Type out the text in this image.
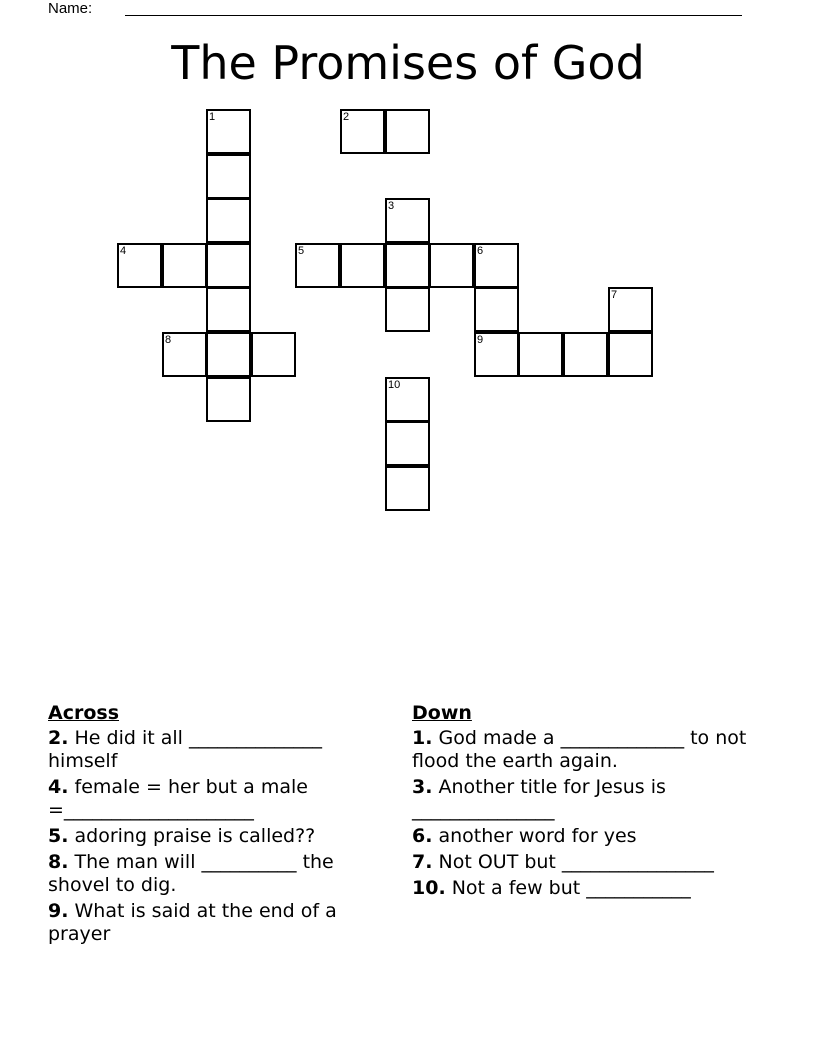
Name:
The Promises of God
1	2
3
4	5	6
7
8	9
10
Across
2. He did it all ______________ himself
4. female = her but a male =____________________
5. adoring praise is called??
8. The man will __________ the shovel to dig.
9. What is said at the end of a prayer
Down
1. God made a _____________ to not flood the earth again.
3. Another title for Jesus is _______________
6. another word for yes
7. Not OUT but ________________
10. Not a few but ___________
